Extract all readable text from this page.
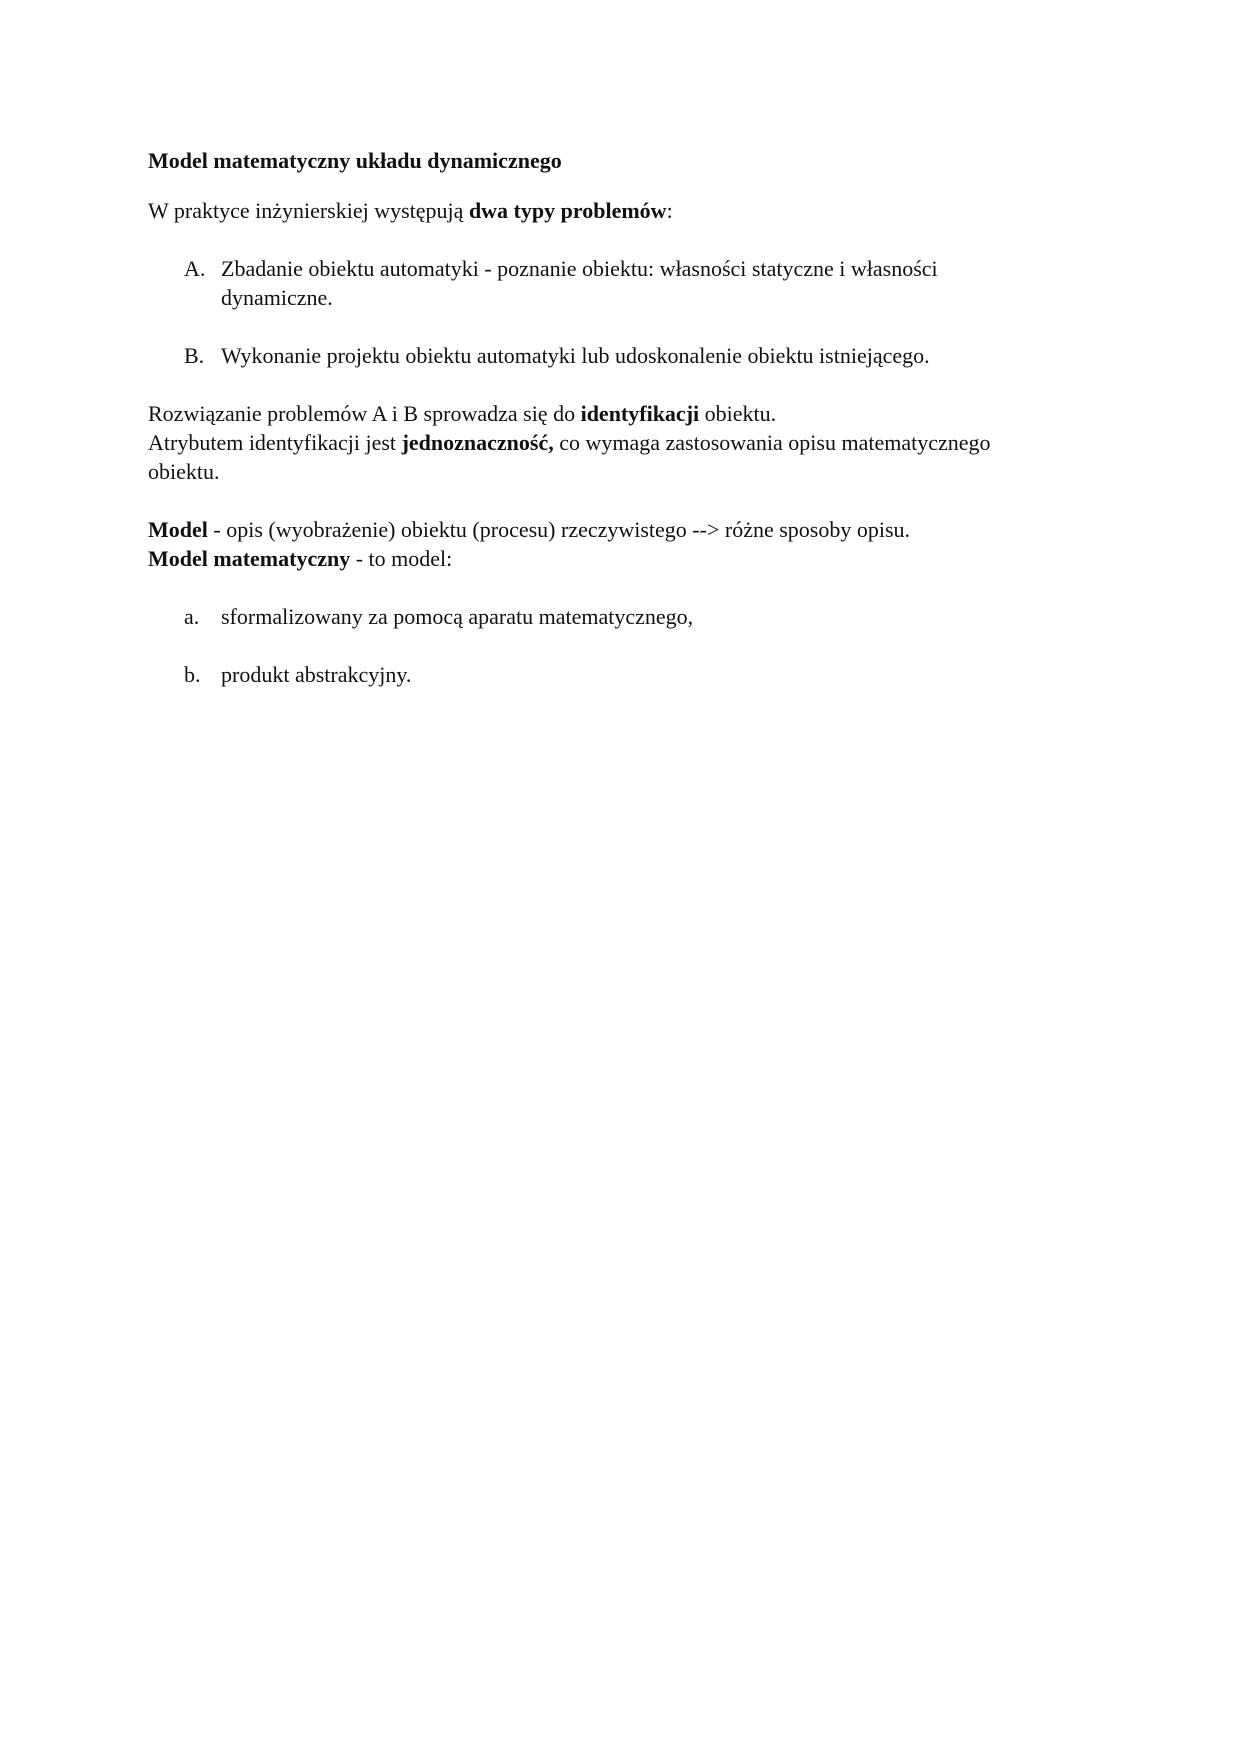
Model matematyczny układu dynamicznego

W praktyce inżynierskiej występują dwa typy problemów:

A. Zbadanie obiektu automatyki - poznanie obiektu: własności statyczne i własności dynamiczne.
B. Wykonanie projektu obiektu automatyki lub udoskonalenie obiektu istniejącego.

Rozwiązanie problemów A i B sprowadza się do identyfikacji obiektu.

Atrybutem identyfikacji jest jednoznaczność, co wymaga zastosowania opisu matematycznego obiektu.

Model - opis (wyobrażenie) obiektu (procesu) rzeczywistego --> różne sposoby opisu.

Model matematyczny - to model:

a. sformalizowany za pomocą aparatu matematycznego,
b. produkt abstrakcyjny.
